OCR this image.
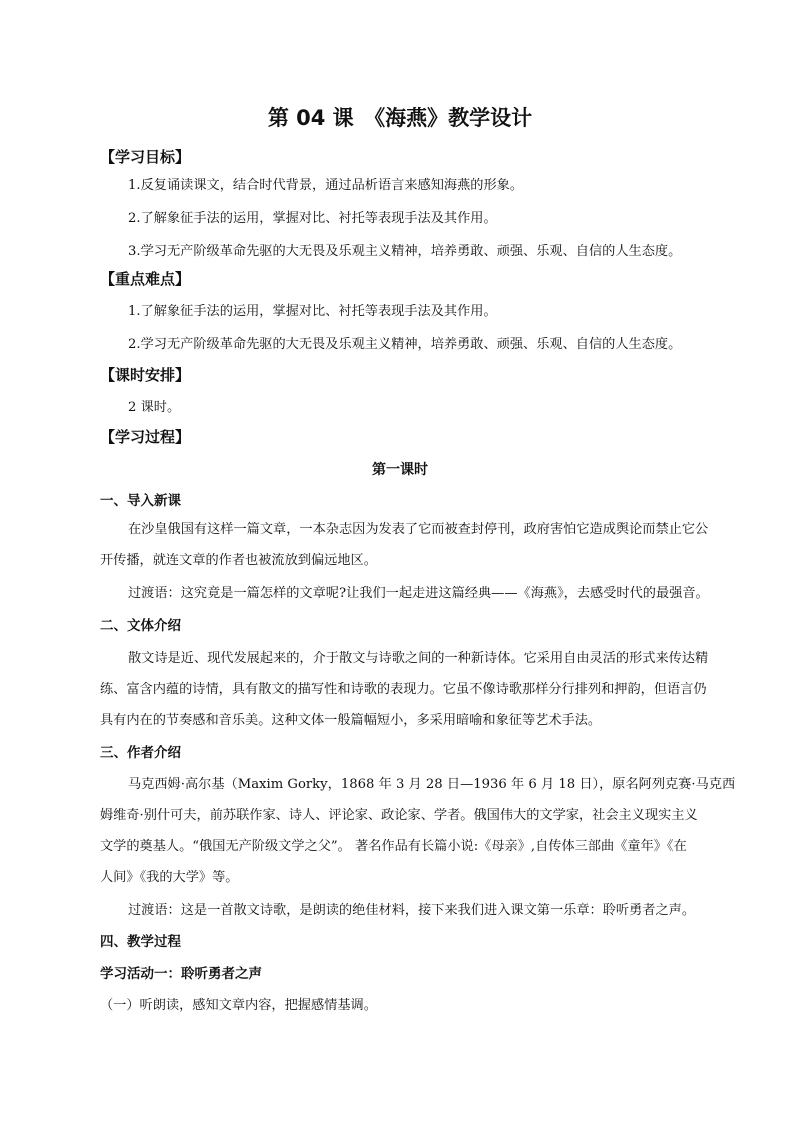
第 04 课　《海燕》教学设计
【学习目标】
1.反复诵读课文，结合时代背景，通过品析语言来感知海燕的形象。
2.了解象征手法的运用，掌握对比、衬托等表现手法及其作用。
3.学习无产阶级革命先驱的大无畏及乐观主义精神，培养勇敢、顽强、乐观、自信的人生态度。
【重点难点】
1.了解象征手法的运用，掌握对比、衬托等表现手法及其作用。
2.学习无产阶级革命先驱的大无畏及乐观主义精神，培养勇敢、顽强、乐观、自信的人生态度。
【课时安排】
2 课时。
【学习过程】
第一课时
一、导入新课
在沙皇俄国有这样一篇文章，一本杂志因为发表了它而被查封停刊，政府害怕它造成舆论而禁止它公
开传播，就连文章的作者也被流放到偏远地区。
过渡语：这究竟是一篇怎样的文章呢?让我们一起走进这篇经典——《海燕》，去感受时代的最强音。
二、文体介绍
散文诗是近、现代发展起来的，介于散文与诗歌之间的一种新诗体。它采用自由灵活的形式来传达精
练、富含内蕴的诗情，具有散文的描写性和诗歌的表现力。它虽不像诗歌那样分行排列和押韵，但语言仍
具有内在的节奏感和音乐美。这种文体一般篇幅短小，多采用暗喻和象征等艺术手法。
三、作者介绍
马克西姆·高尔基（Maxim Gorky，1868 年 3 月 28 日—1936 年 6 月 18 日），原名阿列克赛·马克西
姆维奇·别什可夫，前苏联作家、诗人、评论家、政论家、学者。俄国伟大的文学家，社会主义现实主义
文学的奠基人。“俄国无产阶级文学之父”。 著名作品有长篇小说:《母亲》,自传体三部曲《童年》《在
人间》《我的大学》等。
过渡语：这是一首散文诗歌，是朗读的绝佳材料，接下来我们进入课文第一乐章：聆听勇者之声。
四、教学过程
学习活动一：聆听勇者之声
（一）听朗读，感知文章内容，把握感情基调。
